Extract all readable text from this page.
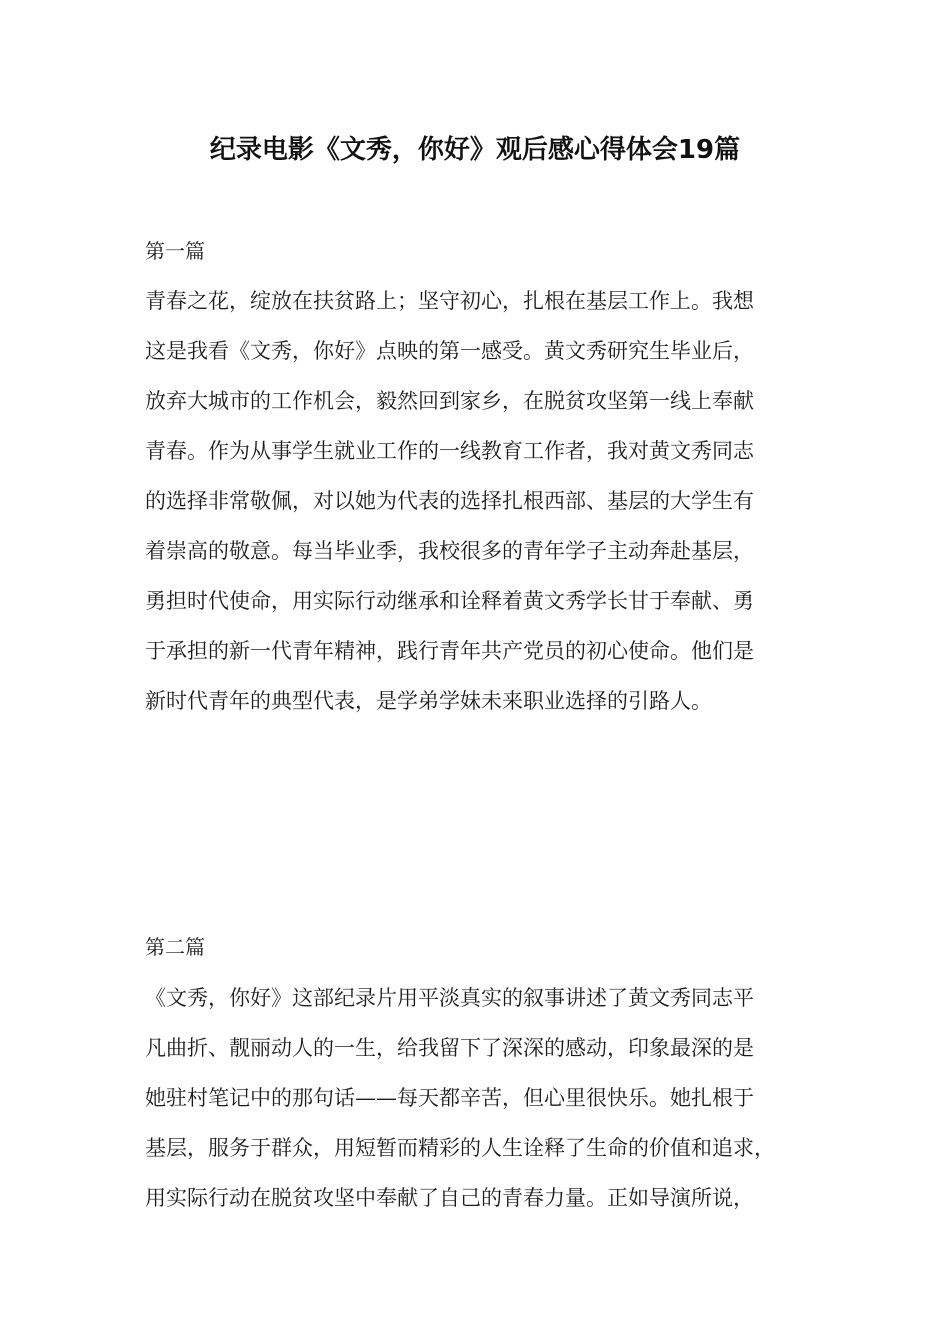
纪录电影《文秀，你好》观后感心得体会19篇
第一篇
青春之花，绽放在扶贫路上；坚守初心，扎根在基层工作上。我想
这是我看《文秀，你好》点映的第一感受。黄文秀研究生毕业后，
放弃大城市的工作机会，毅然回到家乡，在脱贫攻坚第一线上奉献
青春。作为从事学生就业工作的一线教育工作者，我对黄文秀同志
的选择非常敬佩，对以她为代表的选择扎根西部、基层的大学生有
着崇高的敬意。每当毕业季，我校很多的青年学子主动奔赴基层，
勇担时代使命，用实际行动继承和诠释着黄文秀学长甘于奉献、勇
于承担的新一代青年精神，践行青年共产党员的初心使命。他们是
新时代青年的典型代表，是学弟学妹未来职业选择的引路人。
第二篇
《文秀，你好》这部纪录片用平淡真实的叙事讲述了黄文秀同志平
凡曲折、靓丽动人的一生，给我留下了深深的感动，印象最深的是
她驻村笔记中的那句话——每天都辛苦，但心里很快乐。她扎根于
基层，服务于群众，用短暂而精彩的人生诠释了生命的价值和追求，
用实际行动在脱贫攻坚中奉献了自己的青春力量。正如导演所说，
